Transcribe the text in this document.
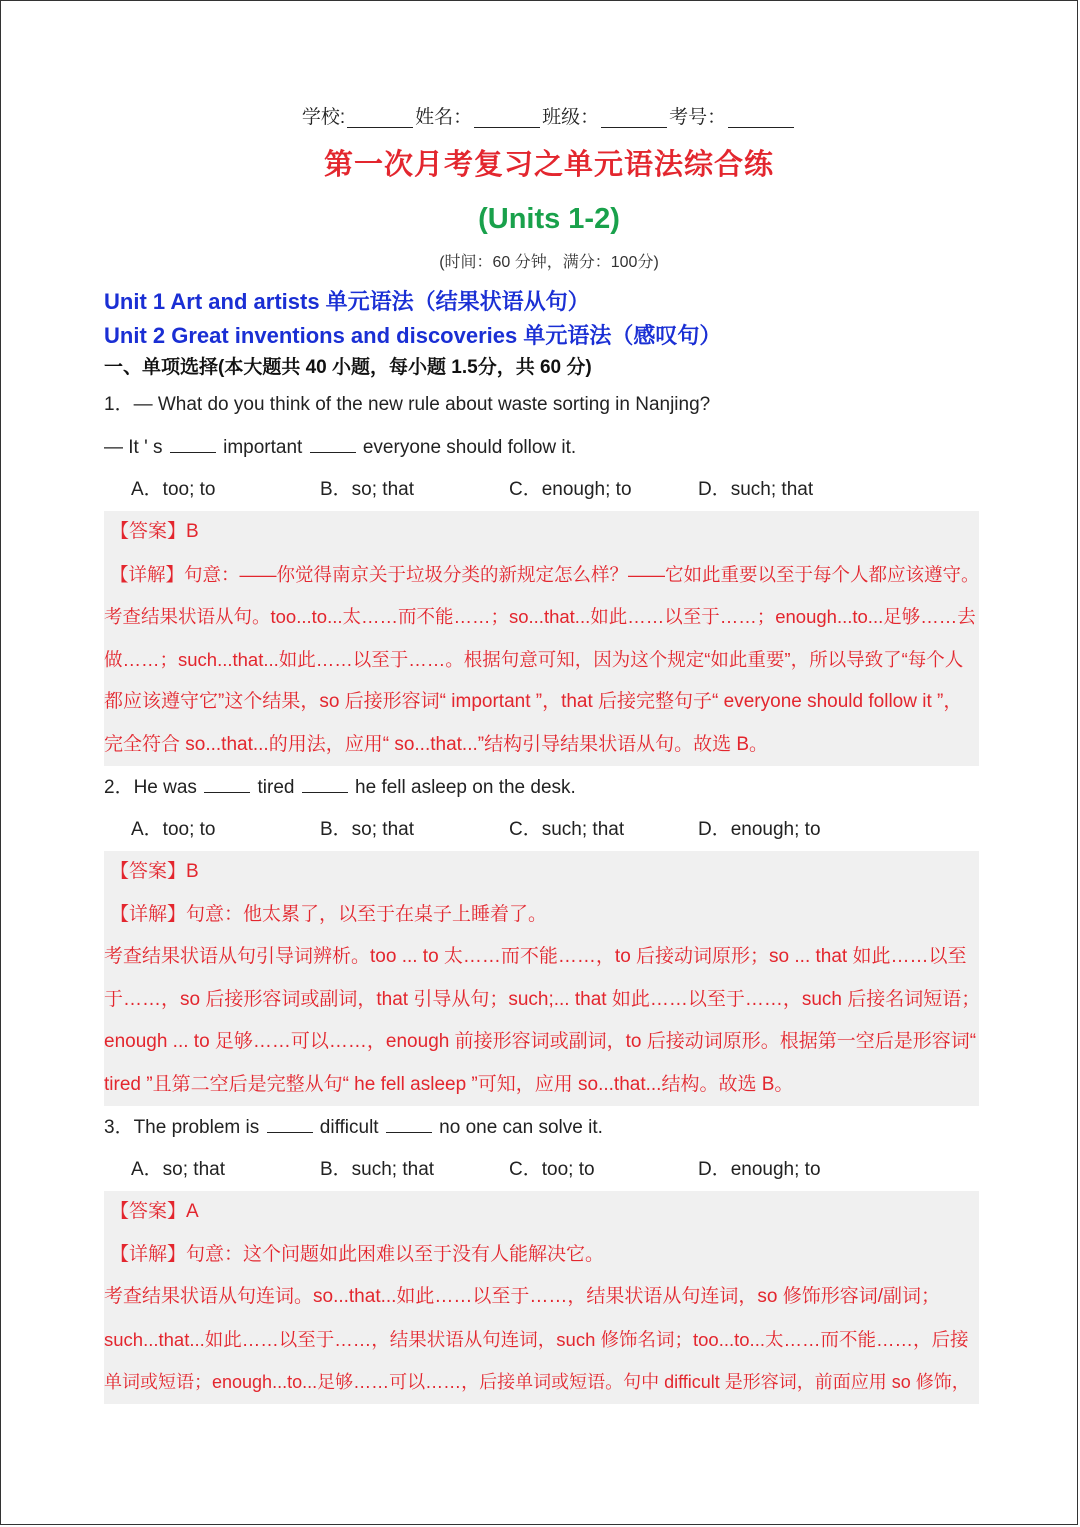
学校:	姓名：	班级：	考号：
第一次月考复习之单元语法综合练
(Units 1-2)
(时间：60 分钟，满分：100分)
Unit 1 Art and artists 单元语法（结果状语从句）
Unit 2 Great inventions and discoveries 单元语法（感叹句）
一、单项选择(本大题共 40 小题，每小题 1.5分，共 60 分)
1．— What do you think of the new rule about waste sorting in Nanjing?
— It ' s	important	everyone should follow it.
A．too; to	B．so; that	C．enough; to	D．such; that
【答案】B
【详解】句意：——你觉得南京关于垃圾分类的新规定怎么样？——它如此重要以至于每个人都应该遵守。
考查结果状语从句。too...to...太……而不能……；so...that...如此……以至于……；enough...to...足够……去
做……；such...that...如此……以至于……。根据句意可知，因为这个规定“如此重要”，所以导致了“每个人
都应该遵守它”这个结果，so 后接形容词“ important ”，that 后接完整句子“ everyone should follow it ”，
完全符合 so...that...的用法，应用“ so...that...”结构引导结果状语从句。故选 B。
2．He was	tired	he fell asleep on the desk.
A．too; to	B．so; that	C．such; that	D．enough; to
【答案】B
【详解】句意：他太累了，以至于在桌子上睡着了。
考查结果状语从句引导词辨析。too ... to 太……而不能……，to 后接动词原形；so ... that 如此……以至
于……，so 后接形容词或副词，that 引导从句；such;... that 如此……以至于……，such 后接名词短语；
enough ... to 足够……可以……，enough 前接形容词或副词，to 后接动词原形。根据第一空后是形容词“
tired ”且第二空后是完整从句“ he fell asleep ”可知，应用 so...that...结构。故选 B。
3．The problem is	difficult	no one can solve it.
A．so; that	B．such; that	C．too; to	D．enough; to
【答案】A
【详解】句意：这个问题如此困难以至于没有人能解决它。
考查结果状语从句连词。so...that...如此……以至于……，结果状语从句连词，so 修饰形容词/副词；
such...that...如此……以至于……，结果状语从句连词，such 修饰名词；too...to...太……而不能……，后接
单词或短语；enough...to...足够……可以……，后接单词或短语。句中 difficult 是形容词，前面应用 so 修饰，
